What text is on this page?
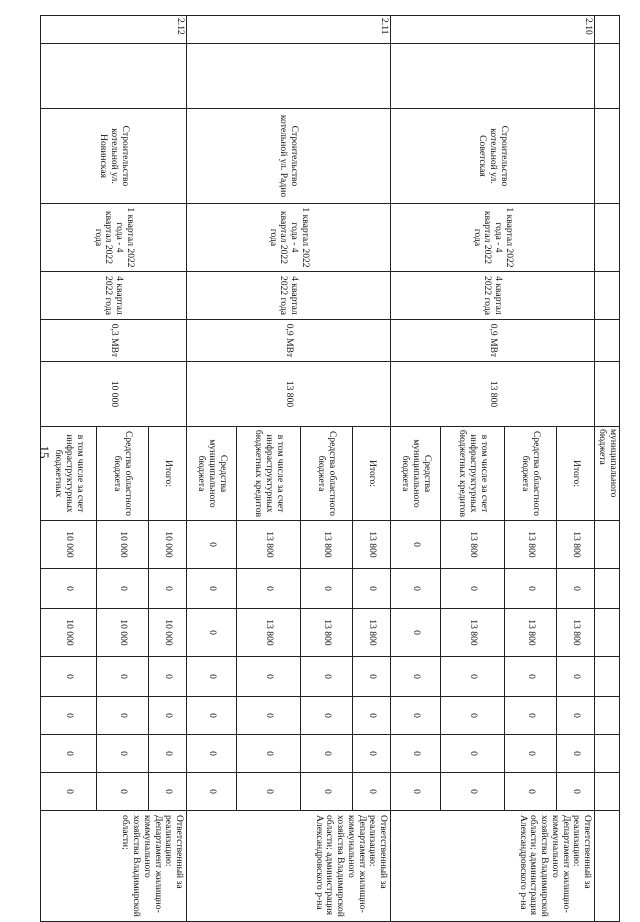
15
								муниципального бюджета								
2.10		Строительство котельной ул. Советская	1 квартал 2022 года - 4 квартал 2022 года	4 квартал 2022 года	0,9 МВт	13 800	Итого:	13 800	0	13 800	0	0	0	0	Ответственный за реализацию: Департамент жилищно-коммунального хозяйства Владимирской области; администрация Александровского р-на
							Средства областного бюджета	13 800	0	13 800	0	0	0	0	
							в том числе за счет инфраструктурных бюджетных кредитов	13 800	0	13 800	0	0	0	0	
							Средства муниципального бюджета	0	0	0	0	0	0	0	
2.11		Строительство котельной ул. Радио	1 квартал 2022 года - 4 квартал 2022 года	4 квартал 2022 года	0,9 МВт	13 800	Итого:	13 800	0	13 800	0	0	0	0	Ответственный за реализацию: Департамент жилищно-коммунального хозяйства Владимирской области; администрация Александровского р-на
							Средства областного бюджета	13 800	0	13 800	0	0	0	0	
							в том числе за счет инфраструктурных бюджетных кредитов	13 800	0	13 800	0	0	0	0	
							Средства муниципального бюджета	0	0	0	0	0	0	0	
2.12		Строительство котельной ул. Новинская	1 квартал 2022 года - 4 квартал 2022 года	4 квартал 2022 года	0,3 МВт	10 000	Итого:	10 000	0	10 000	0	0	0	0	Ответственный за реализацию: Департамент жилищно-коммунального хозяйства Владимирской области;
							Средства областного бюджета	10 000	0	10 000	0	0	0	0	
							в том числе за счет инфраструктурных бюджетных	10 000	0	10 000	0	0	0	0	
